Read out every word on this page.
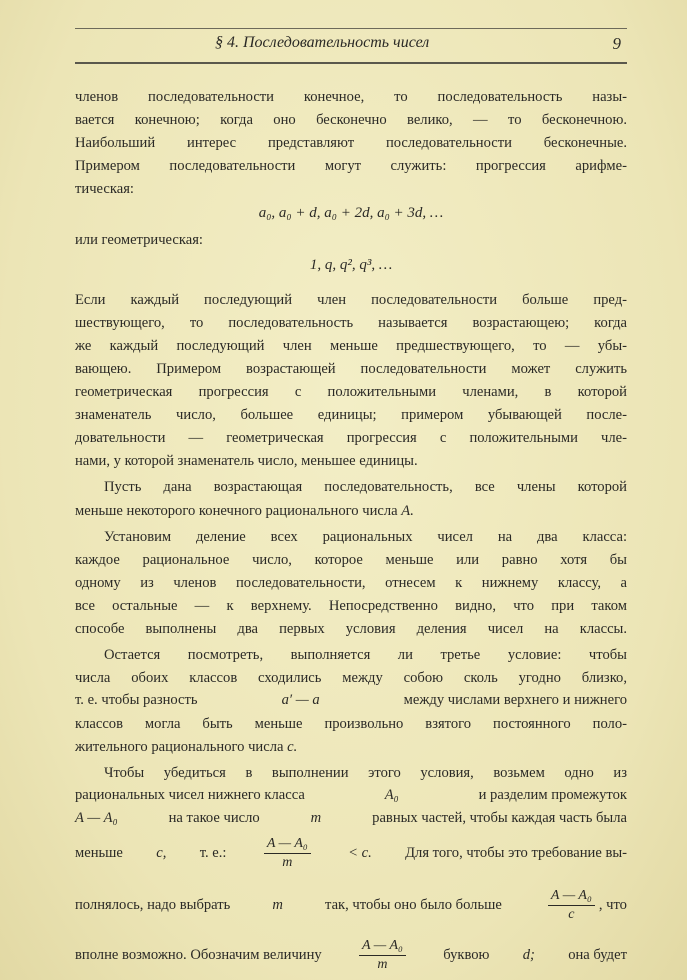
§ 4. Последовательность чисел	9
членов последовательности конечное, то последовательность назы-
вается конечною; когда оно бесконечно велико, — то бесконечною.
Наибольший интерес представляют последовательности бесконечные.
Примером последовательности могут служить: прогрессия арифме-
тическая:
a₀, a₀ + d, a₀ + 2d, a₀ + 3d, …
или геометрическая:
1, q, q², q³, …
Если каждый последующий член последовательности больше пред-
шествующего, то последовательность называется возрастающею; когда
же каждый последующий член меньше предшествующего, то — убы-
вающею. Примером возрастающей последовательности может служить
геометрическая прогрессия с положительными членами, в которой
знаменатель число, большее единицы; примером убывающей после-
довательности — геометрическая прогрессия с положительными чле-
нами, у которой знаменатель число, меньшее единицы.
Пусть дана возрастающая последовательность, все члены которой
меньше некоторого конечного рационального числа A.
Установим деление всех рациональных чисел на два класса:
каждое рациональное число, которое меньше или равно хотя бы
одному из членов последовательности, отнесем к нижнему классу, а
все остальные — к верхнему. Непосредственно видно, что при таком
способе выполнены два первых условия деления чисел на классы.
Остается посмотреть, выполняется ли третье условие: чтобы
числа обоих классов сходились между собою сколь угодно близко,
т. е. чтобы разность	a′ — a	между числами верхнего и нижнего
классов могла быть меньше произвольно взятого постоянного поло-
жительного рационального числа c.
Чтобы убедиться в выполнении этого условия, возьмем одно из
рациональных чисел нижнего класса	A₀	и разделим промежуток
A — A₀	на такое число	m	равных частей, чтобы каждая часть была
меньше c, т. е.:	$\frac{\text{A — A₀}}{m}$	< c. Для того, чтобы это требование вы-
полнялось, надо выбрать	m	так, чтобы оно было больше	$\frac{\text{A — A₀}}{c}$ , что
вполне возможно. Обозначим величину	$\frac{\text{A — A₀}}{m}$	буквою d; она будет
